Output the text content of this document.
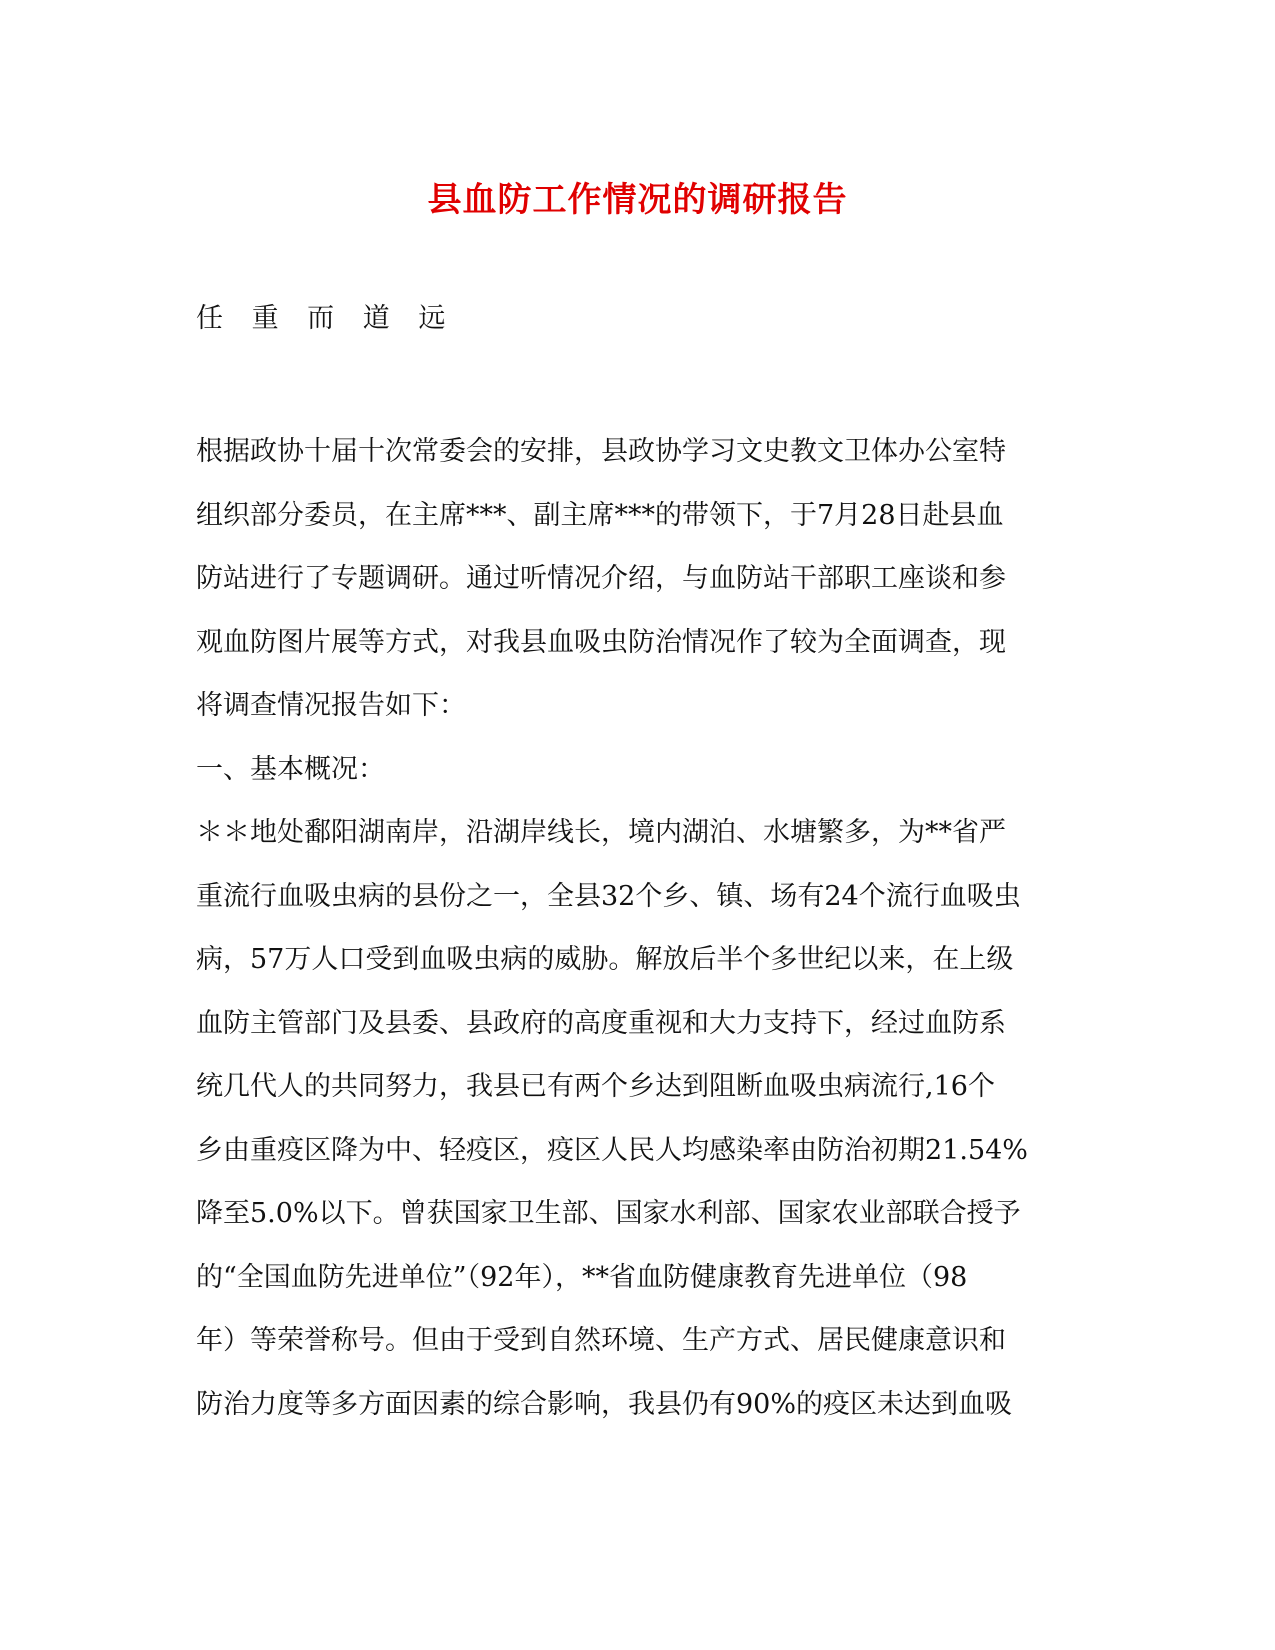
县血防工作情况的调研报告
任 重 而 道 远
根据政协十届十次常委会的安排，县政协学习文史教文卫体办公室特
组织部分委员，在主席***、副主席***的带领下，于7月28日赴县血
防站进行了专题调研。通过听情况介绍，与血防站干部职工座谈和参
观血防图片展等方式，对我县血吸虫防治情况作了较为全面调查，现
将调查情况报告如下：
一、基本概况：
＊＊地处鄱阳湖南岸，沿湖岸线长，境内湖泊、水塘繁多，为**省严
重流行血吸虫病的县份之一，全县32个乡、镇、场有24个流行血吸虫
病，57万人口受到血吸虫病的威胁。解放后半个多世纪以来，在上级
血防主管部门及县委、县政府的高度重视和大力支持下，经过血防系
统几代人的共同努力，我县已有两个乡达到阻断血吸虫病流行,16个
乡由重疫区降为中、轻疫区，疫区人民人均感染率由防治初期21.54%
降至5.0%以下。曾获国家卫生部、国家水利部、国家农业部联合授予
的“全国血防先进单位”（92年），**省血防健康教育先进单位（98
年）等荣誉称号。但由于受到自然环境、生产方式、居民健康意识和
防治力度等多方面因素的综合影响，我县仍有90%的疫区未达到血吸
